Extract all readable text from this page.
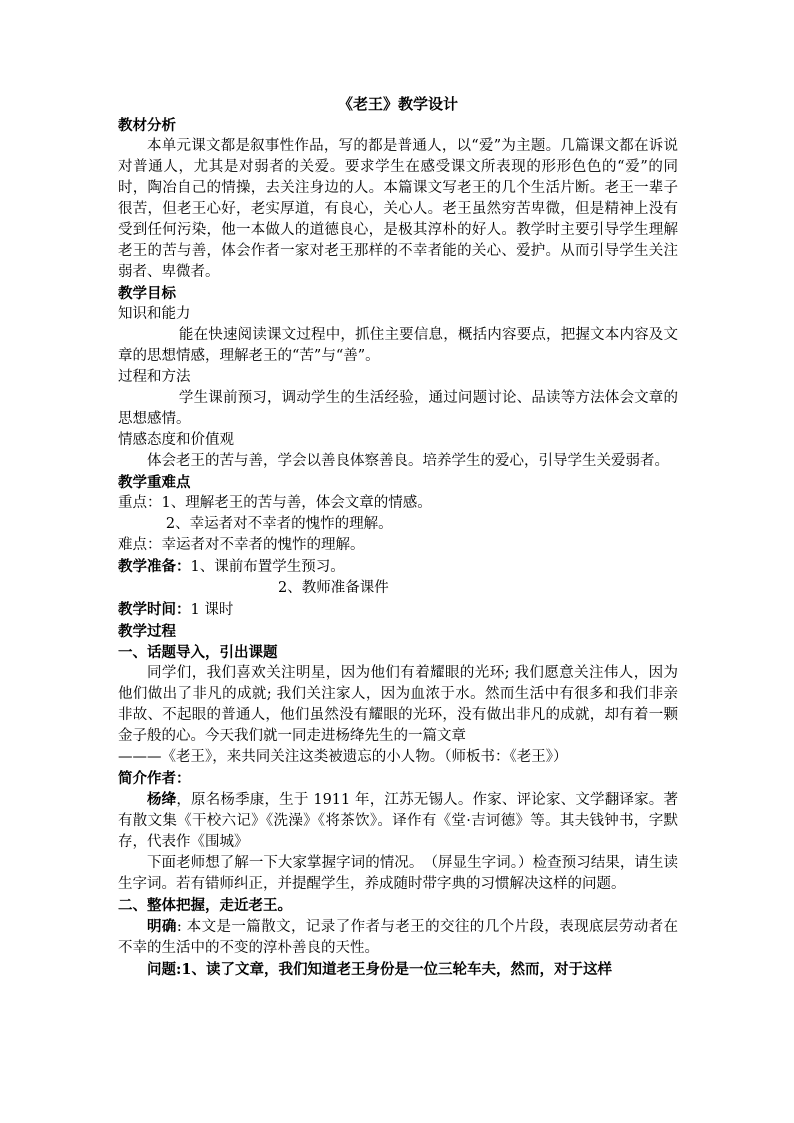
《老王》教学设计

教材分析

本单元课文都是叙事性作品，写的都是普通人，以“爱”为主题。几篇课文都在诉说对普通人，尤其是对弱者的关爱。要求学生在感受课文所表现的形形色色的“爱”的同时，陶冶自己的情操，去关注身边的人。本篇课文写老王的几个生活片断。老王一辈子很苦，但老王心好，老实厚道，有良心，关心人。老王虽然穷苦卑微，但是精神上没有受到任何污染，他一本做人的道德良心，是极其淳朴的好人。教学时主要引导学生理解老王的苦与善，体会作者一家对老王那样的不幸者能的关心、爱护。从而引导学生关注弱者、卑微者。

教学目标

知识和能力

能在快速阅读课文过程中，抓住主要信息，概括内容要点，把握文本内容及文章的思想情感，理解老王的“苦”与“善”。

过程和方法

学生课前预习，调动学生的生活经验，通过问题讨论、品读等方法体会文章的思想感情。

情感态度和价值观

体会老王的苦与善，学会以善良体察善良。培养学生的爱心，引导学生关爱弱者。

教学重难点

重点：1、理解老王的苦与善，体会文章的情感。

2、幸运者对不幸者的愧怍的理解。

难点：幸运者对不幸者的愧怍的理解。

教学准备：1、课前布置学生预习。

2、教师准备课件

教学时间：1 课时

教学过程

一、话题导入，引出课题

同学们，我们喜欢关注明星，因为他们有着耀眼的光环; 我们愿意关注伟人，因为他们做出了非凡的成就; 我们关注家人，因为血浓于水。然而生活中有很多和我们非亲非故、不起眼的普通人，他们虽然没有耀眼的光环，没有做出非凡的成就，却有着一颗金子般的心。今天我们就一同走进杨绛先生的一篇文章

———《老王》，来共同关注这类被遗忘的小人物。（师板书：《老王》）

简介作者：

杨绛，原名杨季康，生于 1911 年，江苏无锡人。作家、评论家、文学翻译家。著有散文集《干校六记》《洗澡》《将茶饮》。译作有《堂·吉诃德》等。其夫钱钟书，字默存，代表作《围城》

下面老师想了解一下大家掌握字词的情况。　（屏显生字词。）检查预习结果，请生读生字词。若有错师纠正，并提醒学生，养成随时带字典的习惯解决这样的问题。

二、整体把握，走近老王。

明确: 本文是一篇散文，记录了作者与老王的交往的几个片段，表现底层劳动者在不幸的生活中的不变的淳朴善良的天性。

问题:1、读了文章，我们知道老王身份是一位三轮车夫，然而，对于这样
